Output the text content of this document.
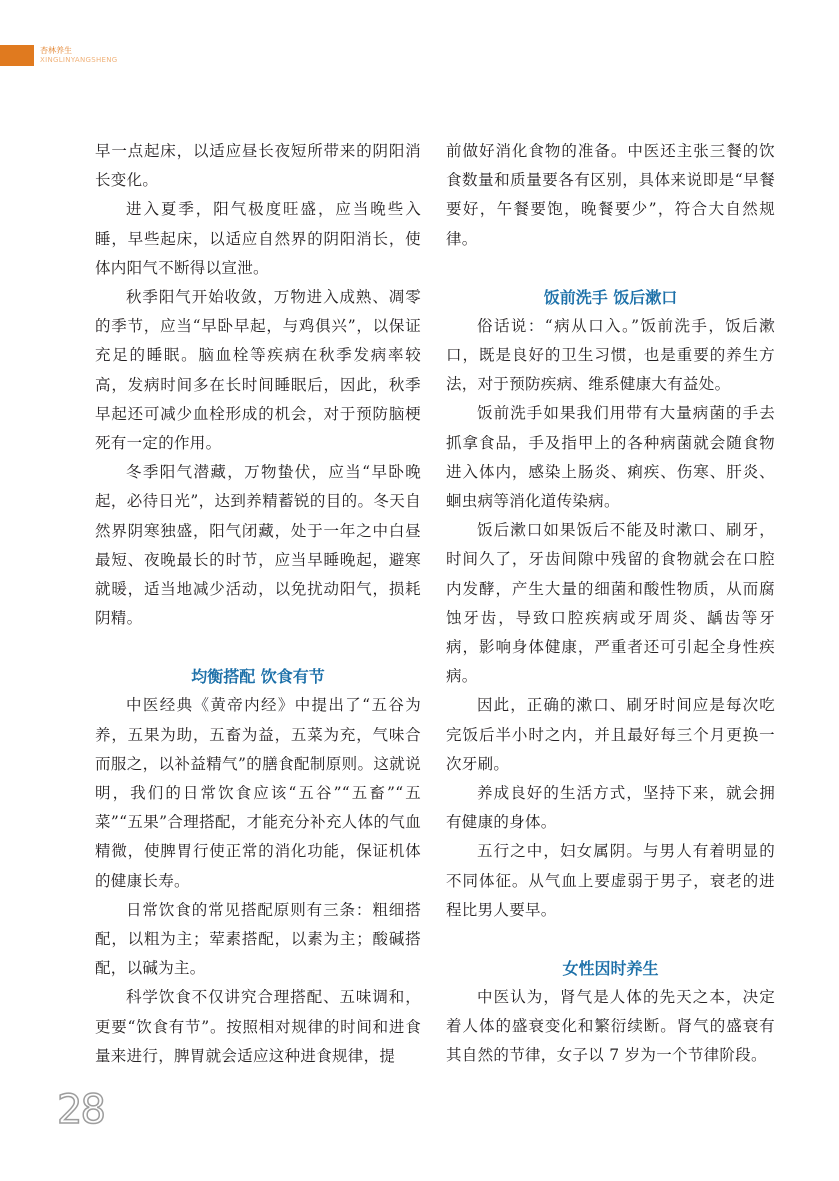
杏林养生
XINGLINYANGSHENG

早一点起床，以适应昼长夜短所带来的阴阳消长变化。

进入夏季，阳气极度旺盛，应当晚些入睡，早些起床，以适应自然界的阴阳消长，使体内阳气不断得以宣泄。

秋季阳气开始收敛，万物进入成熟、凋零的季节，应当“早卧早起，与鸡俱兴”，以保证充足的睡眠。脑血栓等疾病在秋季发病率较高，发病时间多在长时间睡眠后，因此，秋季早起还可减少血栓形成的机会，对于预防脑梗死有一定的作用。

冬季阳气潜藏，万物蛰伏，应当“早卧晚起，必待日光”，达到养精蓄锐的目的。冬天自然界阴寒独盛，阳气闭藏，处于一年之中白昼最短、夜晚最长的时节，应当早睡晚起，避寒就暖，适当地减少活动，以免扰动阳气，损耗阴精。

均衡搭配 饮食有节

中医经典《黄帝内经》中提出了“五谷为养，五果为助，五畜为益，五菜为充，气味合而服之，以补益精气”的膳食配制原则。这就说明，我们的日常饮食应该“五谷”“五畜”“五菜”“五果”合理搭配，才能充分补充人体的气血精微，使脾胃行使正常的消化功能，保证机体的健康长寿。

日常饮食的常见搭配原则有三条：粗细搭配，以粗为主；荤素搭配，以素为主；酸碱搭配，以碱为主。

科学饮食不仅讲究合理搭配、五味调和，更要“饮食有节”。按照相对规律的时间和进食量来进行，脾胃就会适应这种进食规律，提

前做好消化食物的准备。中医还主张三餐的饮食数量和质量要各有区别，具体来说即是“早餐要好，午餐要饱，晚餐要少”，符合大自然规律。

饭前洗手 饭后漱口

俗话说：“病从口入。”饭前洗手，饭后漱口，既是良好的卫生习惯，也是重要的养生方法，对于预防疾病、维系健康大有益处。

饭前洗手如果我们用带有大量病菌的手去抓拿食品，手及指甲上的各种病菌就会随食物进入体内，感染上肠炎、痢疾、伤寒、肝炎、蛔虫病等消化道传染病。

饭后漱口如果饭后不能及时漱口、刷牙，时间久了，牙齿间隙中残留的食物就会在口腔内发酵，产生大量的细菌和酸性物质，从而腐蚀牙齿，导致口腔疾病或牙周炎、龋齿等牙病，影响身体健康，严重者还可引起全身性疾病。

因此，正确的漱口、刷牙时间应是每次吃完饭后半小时之内，并且最好每三个月更换一次牙刷。

养成良好的生活方式，坚持下来，就会拥有健康的身体。

五行之中，妇女属阴。与男人有着明显的不同体征。从气血上要虚弱于男子，衰老的进程比男人要早。

女性因时养生

中医认为，肾气是人体的先天之本，决定着人体的盛衰变化和繁衍续断。肾气的盛衰有其自然的节律，女子以 7 岁为一个节律阶段。

28
